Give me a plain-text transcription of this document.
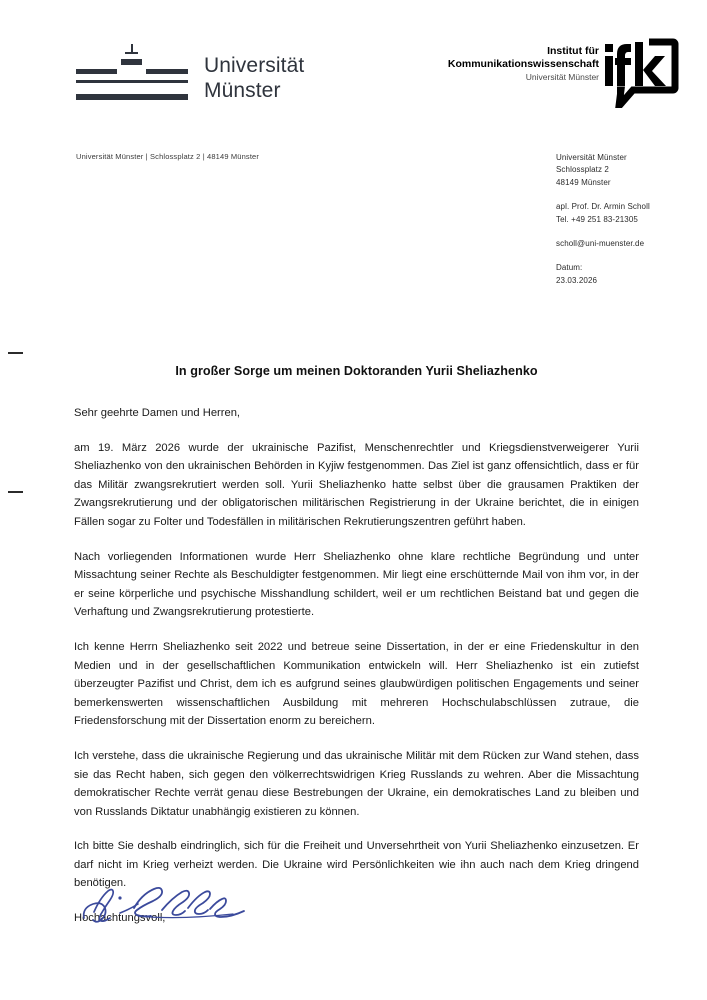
Universität
Münster
Institut für
Kommunikationswissenschaft
Universität Münster
Universität Münster | Schlossplatz 2 | 48149 Münster	Universität Münster
Schlossplatz 2
48149 Münster
apl. Prof. Dr. Armin Scholl
Tel. +49 251 83-21305
scholl@uni-muenster.de
Datum:
23.03.2026
In großer Sorge um meinen Doktoranden Yurii Sheliazhenko

Sehr geehrte Damen und Herren,

am 19. März 2026 wurde der ukrainische Pazifist, Menschenrechtler und Kriegsdienstverweigerer Yurii Sheliazhenko von den ukrainischen Behörden in Kyjiw festgenommen. Das Ziel ist ganz offensichtlich, dass er für das Militär zwangsrekrutiert werden soll. Yurii Sheliazhenko hatte selbst über die grausamen Praktiken der Zwangsrekrutierung und der obligatorischen militärischen Registrierung in der Ukraine berichtet, die in einigen Fällen sogar zu Folter und Todesfällen in militärischen Rekrutierungszentren geführt haben.

Nach vorliegenden Informationen wurde Herr Sheliazhenko ohne klare rechtliche Begründung und unter Missachtung seiner Rechte als Beschuldigter festgenommen. Mir liegt eine erschütternde Mail von ihm vor, in der er seine körperliche und psychische Misshandlung schildert, weil er um rechtlichen Beistand bat und gegen die Verhaftung und Zwangsrekrutierung protestierte.

Ich kenne Herrn Sheliazhenko seit 2022 und betreue seine Dissertation, in der er eine Friedenskultur in den Medien und in der gesellschaftlichen Kommunikation entwickeln will. Herr Sheliazhenko ist ein zutiefst überzeugter Pazifist und Christ, dem ich es aufgrund seines glaubwürdigen politischen Engagements und seiner bemerkenswerten wissenschaftlichen Ausbildung mit mehreren Hochschulabschlüssen zutraue, die Friedensforschung mit der Dissertation enorm zu bereichern.

Ich verstehe, dass die ukrainische Regierung und das ukrainische Militär mit dem Rücken zur Wand stehen, dass sie das Recht haben, sich gegen den völkerrechtswidrigen Krieg Russlands zu wehren. Aber die Missachtung demokratischer Rechte verrät genau diese Bestrebungen der Ukraine, ein demokratisches Land zu bleiben und von Russlands Diktatur unabhängig existieren zu können.

Ich bitte Sie deshalb eindringlich, sich für die Freiheit und Unversehrtheit von Yurii Sheliazhenko einzusetzen. Er darf nicht im Krieg verheizt werden. Die Ukraine wird Persönlichkeiten wie ihn auch nach dem Krieg dringend benötigen.

Hochachtungsvoll,
